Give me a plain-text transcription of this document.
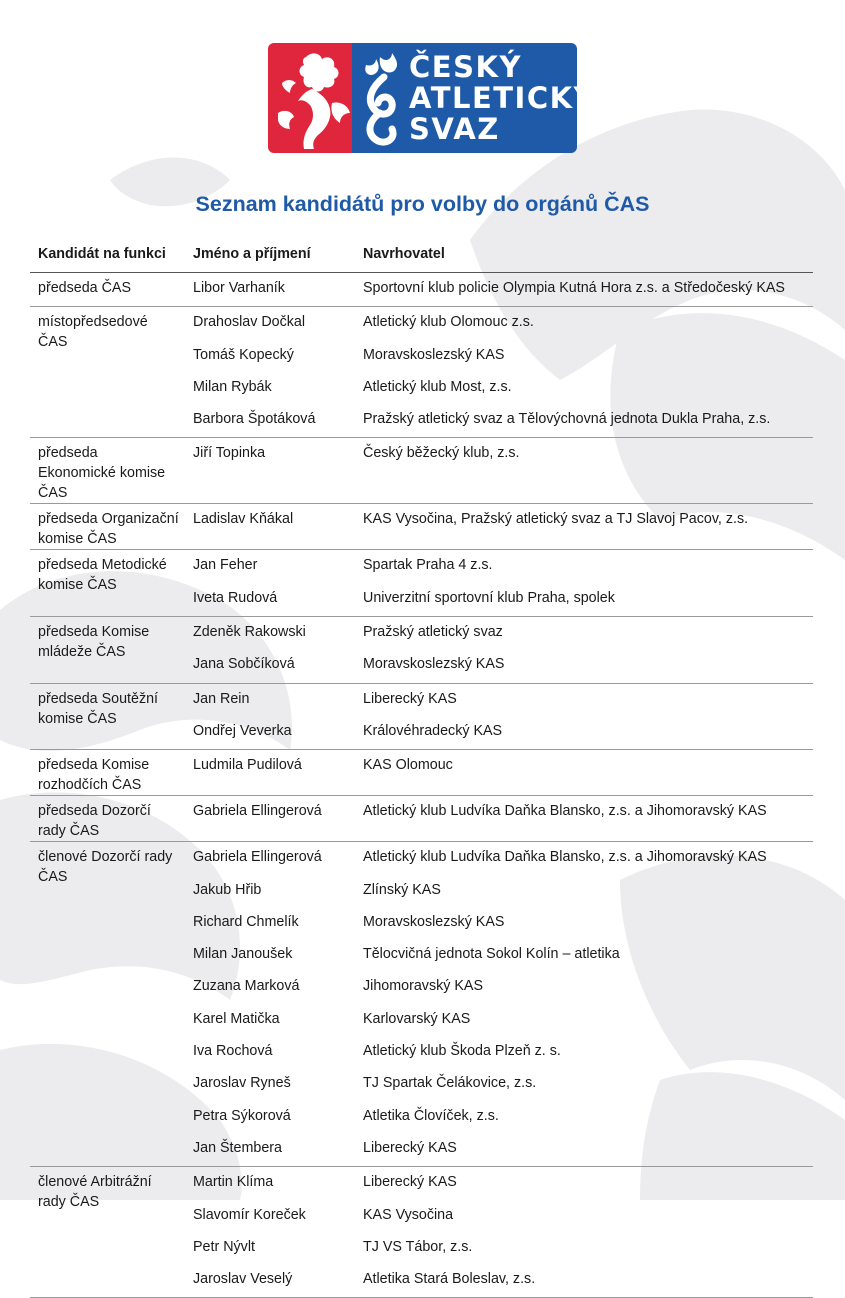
ČESKÝ
ATLETICKÝ
SVAZ
Seznam kandidátů pro volby do orgánů ČAS
Kandidát na funkci	Jméno a příjmení	Navrhovatel
předseda ČAS	Libor Varhaník	Sportovní klub policie Olympia Kutná Hora z.s. a Středočeský KAS
místopředsedové ČAS	Drahoslav Dočkal	Atletický klub Olomouc z.s.
	Tomáš Kopecký	Moravskoslezský KAS
	Milan Rybák	Atletický klub Most, z.s.
	Barbora Špotáková	Pražský atletický svaz a Tělovýchovná jednota Dukla Praha, z.s.
předseda Ekonomické komise ČAS	Jiří Topinka	Český běžecký klub, z.s.
předseda Organizační komise ČAS	Ladislav Kňákal	KAS Vysočina, Pražský atletický svaz a TJ Slavoj Pacov, z.s.
předseda Metodické komise ČAS	Jan Feher	Spartak Praha 4 z.s.
	Iveta Rudová	Univerzitní sportovní klub Praha, spolek
předseda Komise mládeže ČAS	Zdeněk Rakowski	Pražský atletický svaz
	Jana Sobčíková	Moravskoslezský KAS
předseda Soutěžní komise ČAS	Jan Rein	Liberecký KAS
	Ondřej Veverka	Královéhradecký KAS
předseda Komise rozhodčích ČAS	Ludmila Pudilová	KAS Olomouc
předseda Dozorčí rady ČAS	Gabriela Ellingerová	Atletický klub Ludvíka Daňka Blansko, z.s. a Jihomoravský KAS
členové Dozorčí rady ČAS	Gabriela Ellingerová	Atletický klub Ludvíka Daňka Blansko, z.s. a Jihomoravský KAS
	Jakub Hřib	Zlínský KAS
	Richard Chmelík	Moravskoslezský KAS
	Milan Janoušek	Tělocvičná jednota Sokol Kolín – atletika
	Zuzana Marková	Jihomoravský KAS
	Karel Matička	Karlovarský KAS
	Iva Rochová	Atletický klub Škoda Plzeň z. s.
	Jaroslav Ryneš	TJ Spartak Čelákovice, z.s.
	Petra Sýkorová	Atletika Človíček, z.s.
	Jan Štembera	Liberecký KAS
členové Arbitrážní rady ČAS	Martin Klíma	Liberecký KAS
	Slavomír Koreček	KAS Vysočina
	Petr Nývlt	TJ VS Tábor, z.s.
	Jaroslav Veselý	Atletika Stará Boleslav, z.s.
